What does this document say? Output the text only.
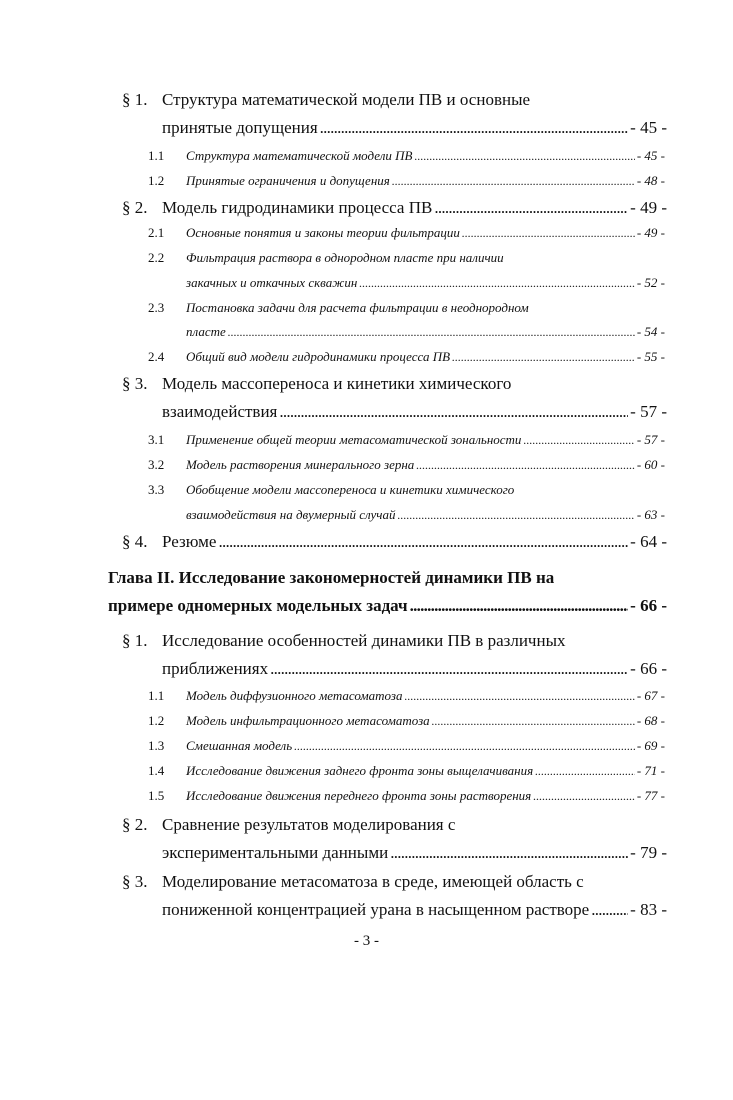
§ 1. Структура математической модели ПВ и основные
принятые допущения . . .	- 45 -
1.1	Структура математической модели ПВ . . .	- 45 -
1.2	Принятые ограничения и допущения . . .	- 48 -
§ 2. Модель гидродинамики процесса ПВ . . .	- 49 -
2.1	Основные понятия и законы теории фильтрации . . .	- 49 -
2.2	Фильтрация раствора в однородном пласте при наличии
закачных и откачных скважин . . .	- 52 -
2.3	Постановка задачи для расчета фильтрации в неоднородном
пласте . . .	- 54 -
2.4	Общий вид модели гидродинамики процесса ПВ . . .	- 55 -
§ 3. Модель массопереноса и кинетики химического
взаимодействия . . .	- 57 -
3.1	Применение общей теории метасоматической зональности . . .	- 57 -
3.2	Модель растворения минерального зерна . . .	- 60 -
3.3	Обобщение модели массопереноса и кинетики химического
взаимодействия на двумерный случай . . .	- 63 -
§ 4. Резюме . . .	- 64 -
Глава II. Исследование закономерностей динамики ПВ на
примере одномерных модельных задач . . .	- 66 -
§ 1. Исследование особенностей динамики ПВ в различных
приближениях . . .	- 66 -
1.1	Модель диффузионного метасоматоза . . .	- 67 -
1.2	Модель инфильтрационного метасоматоза . . .	- 68 -
1.3	Смешанная модель . . .	- 69 -
1.4	Исследование движения заднего фронта зоны выщелачивания . . .	- 71 -
1.5	Исследование движения переднего фронта зоны растворения . . .	- 77 -
§ 2. Сравнение результатов моделирования с
экспериментальными данными . . .	- 79 -
§ 3. Моделирование метасоматоза в среде, имеющей область с
пониженной концентрацией урана в насыщенном растворе . . . - 83 -
- 3 -
